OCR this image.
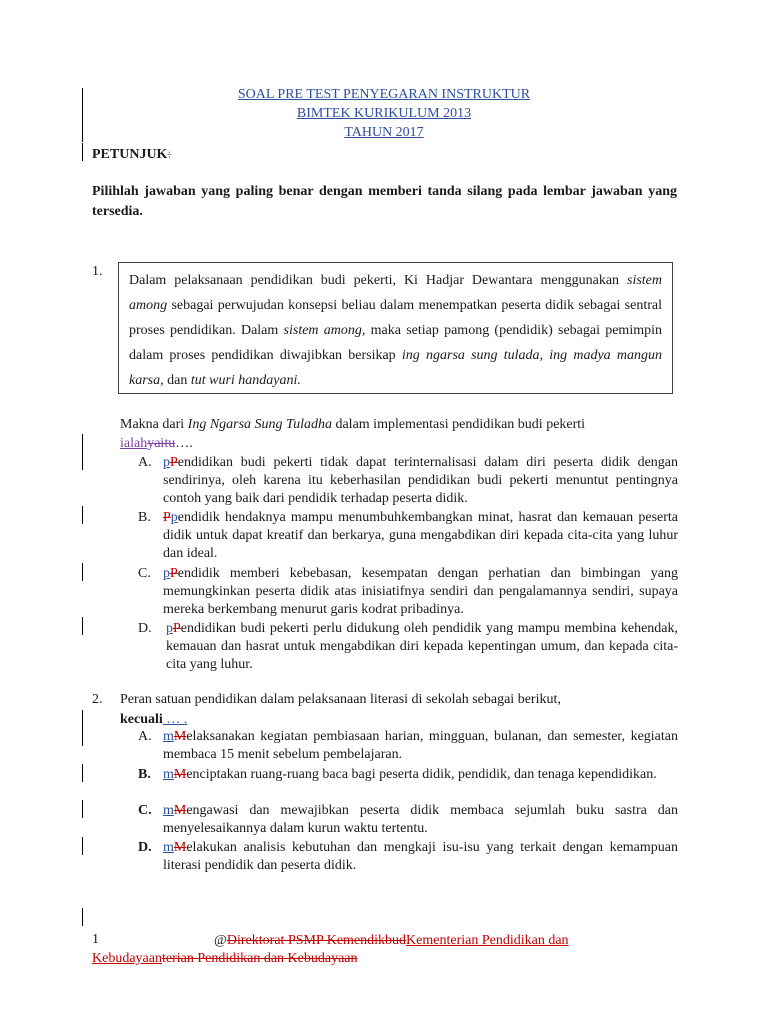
SOAL PRE TEST PENYEGARAN INSTRUKTUR
BIMTEK KURIKULUM 2013
TAHUN 2017
PETUNJUK:
Pilihlah jawaban yang paling benar dengan memberi tanda silang pada lembar jawaban yang tersedia.
1.
Dalam pelaksanaan pendidikan budi pekerti, Ki Hadjar Dewantara menggunakan sistem among sebagai perwujudan konsepsi beliau dalam menempatkan peserta didik sebagai sentral proses pendidikan. Dalam sistem among, maka setiap pamong (pendidik) sebagai pemimpin dalam proses pendidikan diwajibkan bersikap ing ngarsa sung tulada, ing madya mangun karsa, dan tut wuri handayani.
Makna dari Ing Ngarsa Sung Tuladha dalam implementasi pendidikan budi pekerti
ialahyaitu….
A. pPendidikan budi pekerti tidak dapat terinternalisasi dalam diri peserta didik dengan sendirinya, oleh karena itu keberhasilan pendidikan budi pekerti menuntut pentingnya contoh yang baik dari pendidik terhadap peserta didik.
B. Ppendidik hendaknya mampu menumbuhkembangkan minat, hasrat dan kemauan peserta didik untuk dapat kreatif dan berkarya, guna mengabdikan diri kepada cita-cita yang luhur dan ideal.
C. pPendidik memberi kebebasan, kesempatan dengan perhatian dan bimbingan yang memungkinkan peserta didik atas inisiatifnya sendiri dan pengalamannya sendiri, supaya mereka berkembang menurut garis kodrat pribadinya.
D. pPendidikan budi pekerti perlu didukung oleh pendidik yang mampu membina kehendak, kemauan dan hasrat untuk mengabdikan diri kepada kepentingan umum, dan kepada cita-cita yang luhur.
2. Peran satuan pendidikan dalam pelaksanaan literasi di sekolah sebagai berikut,
kecuali … .
A. mMelaksanakan kegiatan pembiasaan harian, mingguan, bulanan, dan semester, kegiatan membaca 15 menit sebelum pembelajaran.
B. mMenciptakan ruang-ruang baca bagi peserta didik, pendidik, dan tenaga kependidikan.
C. mMengawasi dan mewajibkan peserta didik membaca sejumlah buku sastra dan menyelesaikannya dalam kurun waktu tertentu.
D. mMelakukan analisis kebutuhan dan mengkaji isu-isu yang terkait dengan kemampuan literasi pendidik dan peserta didik.
1	@Direktorat PSMP KemendikbudKementerian Pendidikan dan
Kebudayaanterian Pendidikan dan Kebudayaan
